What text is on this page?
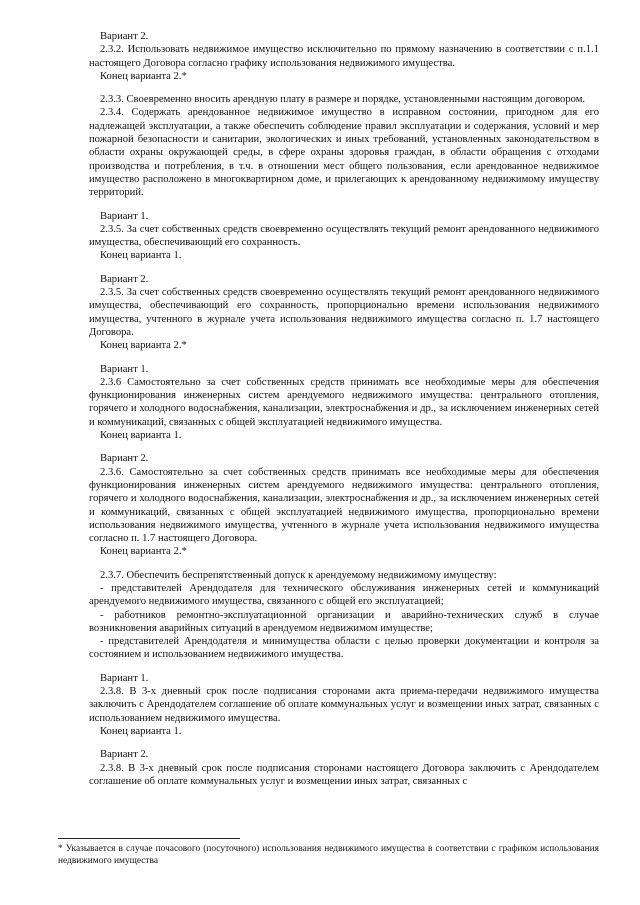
Вариант 2.

2.3.2. Использовать недвижимое имущество исключительно по прямому назначению в соответствии с п.1.1 настоящего Договора согласно графику использования недвижимого имущества.

Конец варианта 2.*

2.3.3. Своевременно вносить арендную плату в размере и порядке, установленными настоящим договором.

2.3.4. Содержать арендованное недвижимое имущество в исправном состоянии, пригодном для его надлежащей эксплуатации, а также обеспечить соблюдение правил эксплуатации и содержания, условий и мер пожарной безопасности и санитарии, экологических и иных требований, установленных законодательством в области охраны окружающей среды, в сфере охраны здоровья граждан, в области обращения с отходами производства и потребления, в т.ч. в отношении мест общего пользования, если арендованное недвижимое имущество расположено в многоквартирном доме, и прилегающих к арендованному недвижимому имуществу территорий.

Вариант 1.

2.3.5. За счет собственных средств своевременно осуществлять текущий ремонт арендованного недвижимого имущества, обеспечивающий его сохранность.

Конец варианта 1.

Вариант 2.

2.3.5. За счет собственных средств своевременно осуществлять текущий ремонт арендованного недвижимого имущества, обеспечивающий его сохранность, пропорционально времени использования недвижимого имущества, учтенного в журнале учета использования недвижимого имущества согласно п. 1.7 настоящего Договора.

Конец варианта 2.*

Вариант 1.

2.3.6 Самостоятельно за счет собственных средств принимать все необходимые меры для обеспечения функционирования инженерных систем арендуемого недвижимого имущества: центрального отопления, горячего и холодного водоснабжения, канализации, электроснабжения и др., за исключением инженерных сетей и коммуникаций, связанных с общей эксплуатацией недвижимого имущества.

Конец варианта 1.

Вариант 2.

2.3.6. Самостоятельно за счет собственных средств принимать все необходимые меры для обеспечения функционирования инженерных систем арендуемого недвижимого имущества: центрального отопления, горячего и холодного водоснабжения, канализации, электроснабжения и др., за исключением инженерных сетей и коммуникаций, связанных с общей эксплуатацией недвижимого имущества, пропорционально времени использования недвижимого имущества, учтенного в журнале учета использования недвижимого имущества согласно п. 1.7 настоящего Договора.

Конец варианта 2.*

2.3.7. Обеспечить беспрепятственный допуск к арендуемому недвижимому имуществу:

- представителей Арендодателя для технического обслуживания инженерных сетей и коммуникаций арендуемого недвижимого имущества, связанного с общей его эксплуатацией;

- работников ремонтно-эксплуатационной организации и аварийно-технических служб в случае возникновения аварийных ситуаций в арендуемом недвижимом имуществе;

- представителей Арендодателя и минимущества области с целью проверки документации и контроля за состоянием и использованием недвижимого имущества.

Вариант 1.

2.3.8. В 3-х дневный срок после подписания сторонами акта приема-передачи недвижимого имущества заключить с Арендодателем соглашение об оплате коммунальных услуг и возмещении иных затрат, связанных с использованием недвижимого имущества.

Конец варианта 1.

Вариант 2.

2.3.8. В 3-х дневный срок после подписания сторонами настоящего Договора заключить с Арендодателем соглашение об оплате коммунальных услуг и возмещении иных затрат, связанных с

* Указывается в случае почасового (посуточного) использования недвижимого имущества в соответствии с графиком использования недвижимого имущества
